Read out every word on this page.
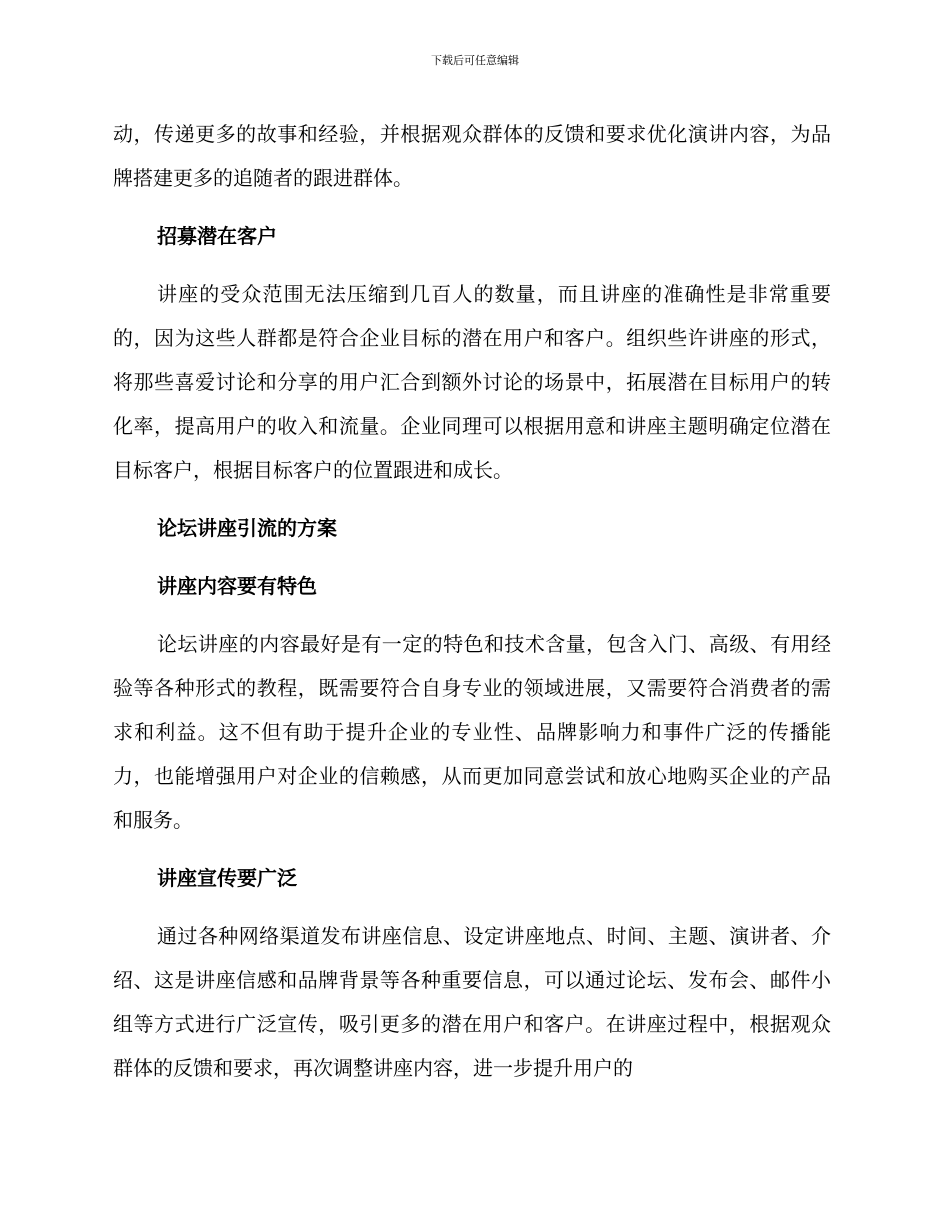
下载后可任意编辑

动，传递更多的故事和经验，并根据观众群体的反馈和要求优化演讲内容，为品牌搭建更多的追随者的跟进群体。

招募潜在客户

讲座的受众范围无法压缩到几百人的数量，而且讲座的准确性是非常重要的，因为这些人群都是符合企业目标的潜在用户和客户。组织些许讲座的形式，将那些喜爱讨论和分享的用户汇合到额外讨论的场景中，拓展潜在目标用户的转化率，提高用户的收入和流量。企业同理可以根据用意和讲座主题明确定位潜在目标客户，根据目标客户的位置跟进和成长。

论坛讲座引流的方案
讲座内容要有特色

论坛讲座的内容最好是有一定的特色和技术含量，包含入门、高级、有用经验等各种形式的教程，既需要符合自身专业的领域进展，又需要符合消费者的需求和利益。这不但有助于提升企业的专业性、品牌影响力和事件广泛的传播能力，也能增强用户对企业的信赖感，从而更加同意尝试和放心地购买企业的产品和服务。

讲座宣传要广泛

通过各种网络渠道发布讲座信息、设定讲座地点、时间、主题、演讲者、介绍、这是讲座信感和品牌背景等各种重要信息，可以通过论坛、发布会、邮件小组等方式进行广泛宣传，吸引更多的潜在用户和客户。在讲座过程中，根据观众群体的反馈和要求，再次调整讲座内容，进一步提升用户的
